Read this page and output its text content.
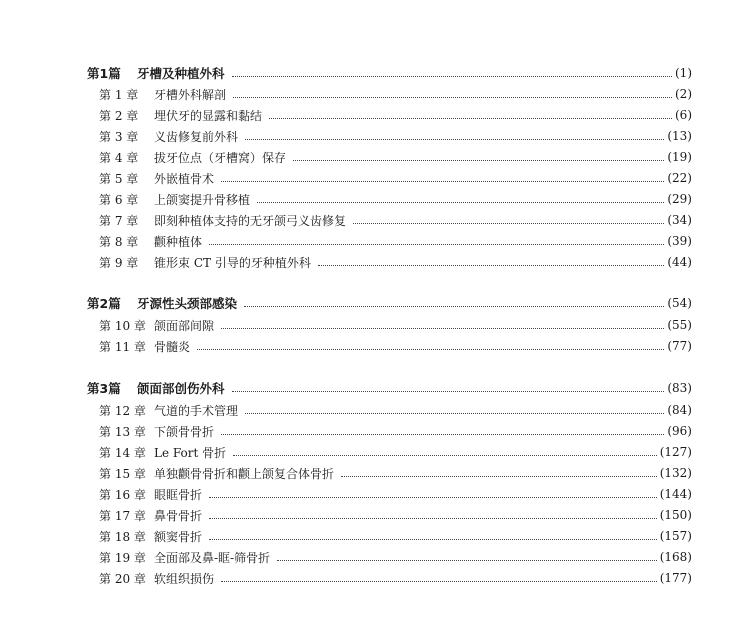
第1篇	牙槽及种植外科	(1)
第 1 章	牙槽外科解剖	(2)
第 2 章	埋伏牙的显露和黏结	(6)
第 3 章	义齿修复前外科	(13)
第 4 章	拔牙位点（牙槽窝）保存	(19)
第 5 章	外嵌植骨术	(22)
第 6 章	上颌窦提升骨移植	(29)
第 7 章	即刻种植体支持的无牙颌弓义齿修复	(34)
第 8 章	颧种植体	(39)
第 9 章	锥形束 CT 引导的牙种植外科	(44)
第2篇	牙源性头颈部感染	(54)
第 10 章 颌面部间隙	(55)
第 11 章 骨髓炎	(77)
第3篇	颌面部创伤外科	(83)
第 12 章 气道的手术管理	(84)
第 13 章 下颌骨骨折	(96)
第 14 章 Le Fort 骨折	(127)
第 15 章 单独颧骨骨折和颧上颌复合体骨折	(132)
第 16 章 眼眶骨折	(144)
第 17 章 鼻骨骨折	(150)
第 18 章 额窦骨折	(157)
第 19 章 全面部及鼻-眶-筛骨折	(168)
第 20 章 软组织损伤	(177)
